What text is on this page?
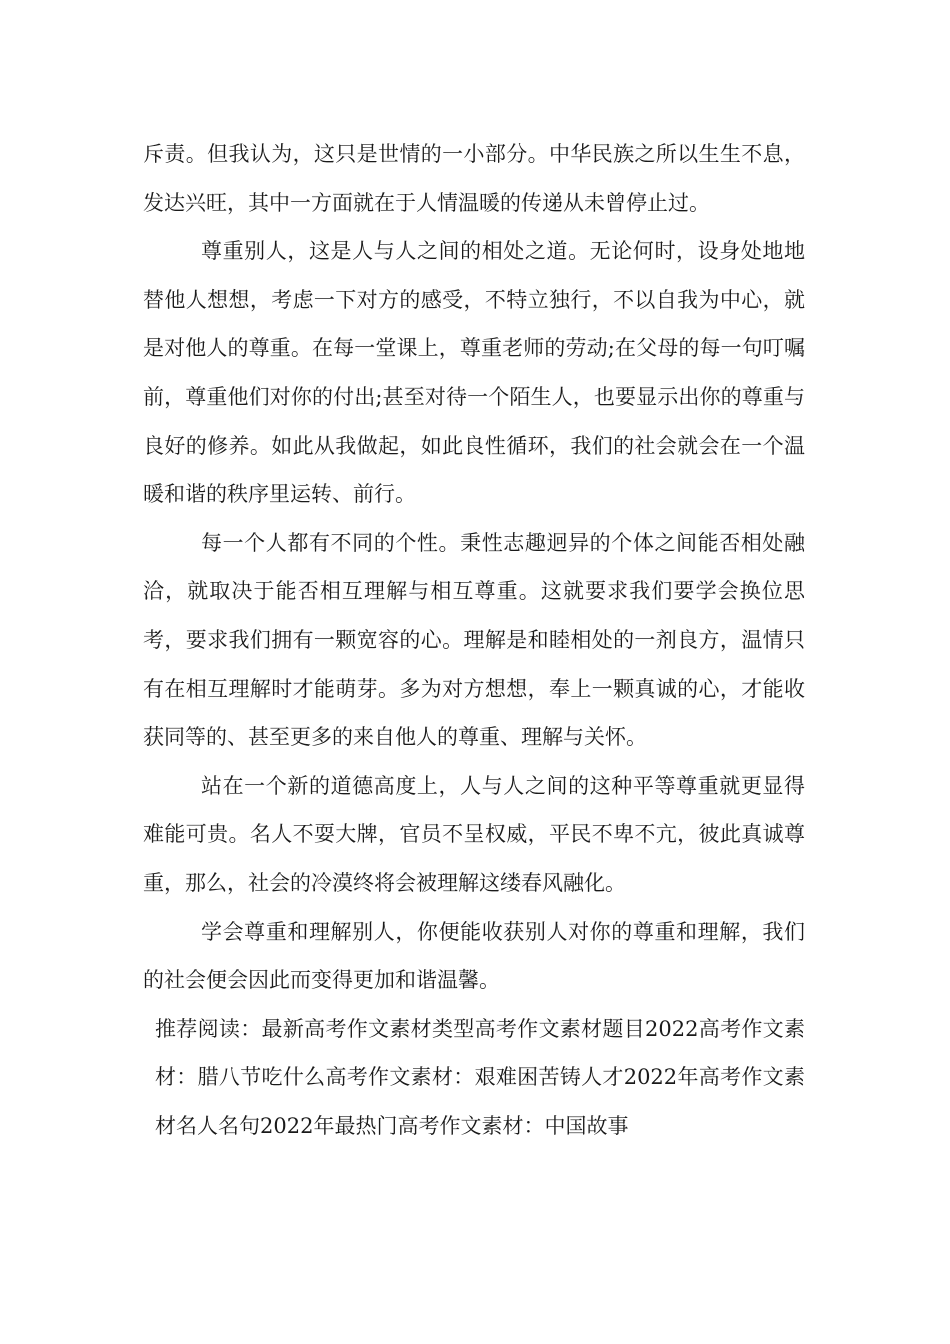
斥责。但我认为，这只是世情的一小部分。中华民族之所以生生不息，发达兴旺，其中一方面就在于人情温暖的传递从未曾停止过。

尊重别人，这是人与人之间的相处之道。无论何时，设身处地地替他人想想，考虑一下对方的感受，不特立独行，不以自我为中心，就是对他人的尊重。在每一堂课上，尊重老师的劳动;在父母的每一句叮嘱前，尊重他们对你的付出;甚至对待一个陌生人，也要显示出你的尊重与良好的修养。如此从我做起，如此良性循环，我们的社会就会在一个温暖和谐的秩序里运转、前行。

每一个人都有不同的个性。秉性志趣迥异的个体之间能否相处融洽，就取决于能否相互理解与相互尊重。这就要求我们要学会换位思考，要求我们拥有一颗宽容的心。理解是和睦相处的一剂良方，温情只有在相互理解时才能萌芽。多为对方想想，奉上一颗真诚的心，才能收获同等的、甚至更多的来自他人的尊重、理解与关怀。

站在一个新的道德高度上，人与人之间的这种平等尊重就更显得难能可贵。名人不耍大牌，官员不呈权威，平民不卑不亢，彼此真诚尊重，那么，社会的冷漠终将会被理解这缕春风融化。

学会尊重和理解别人，你便能收获别人对你的尊重和理解，我们的社会便会因此而变得更加和谐温馨。

推荐阅读：最新高考作文素材类型高考作文素材题目2022高考作文素材：腊八节吃什么高考作文素材：艰难困苦铸人才2022年高考作文素材名人名句2022年最热门高考作文素材：中国故事
